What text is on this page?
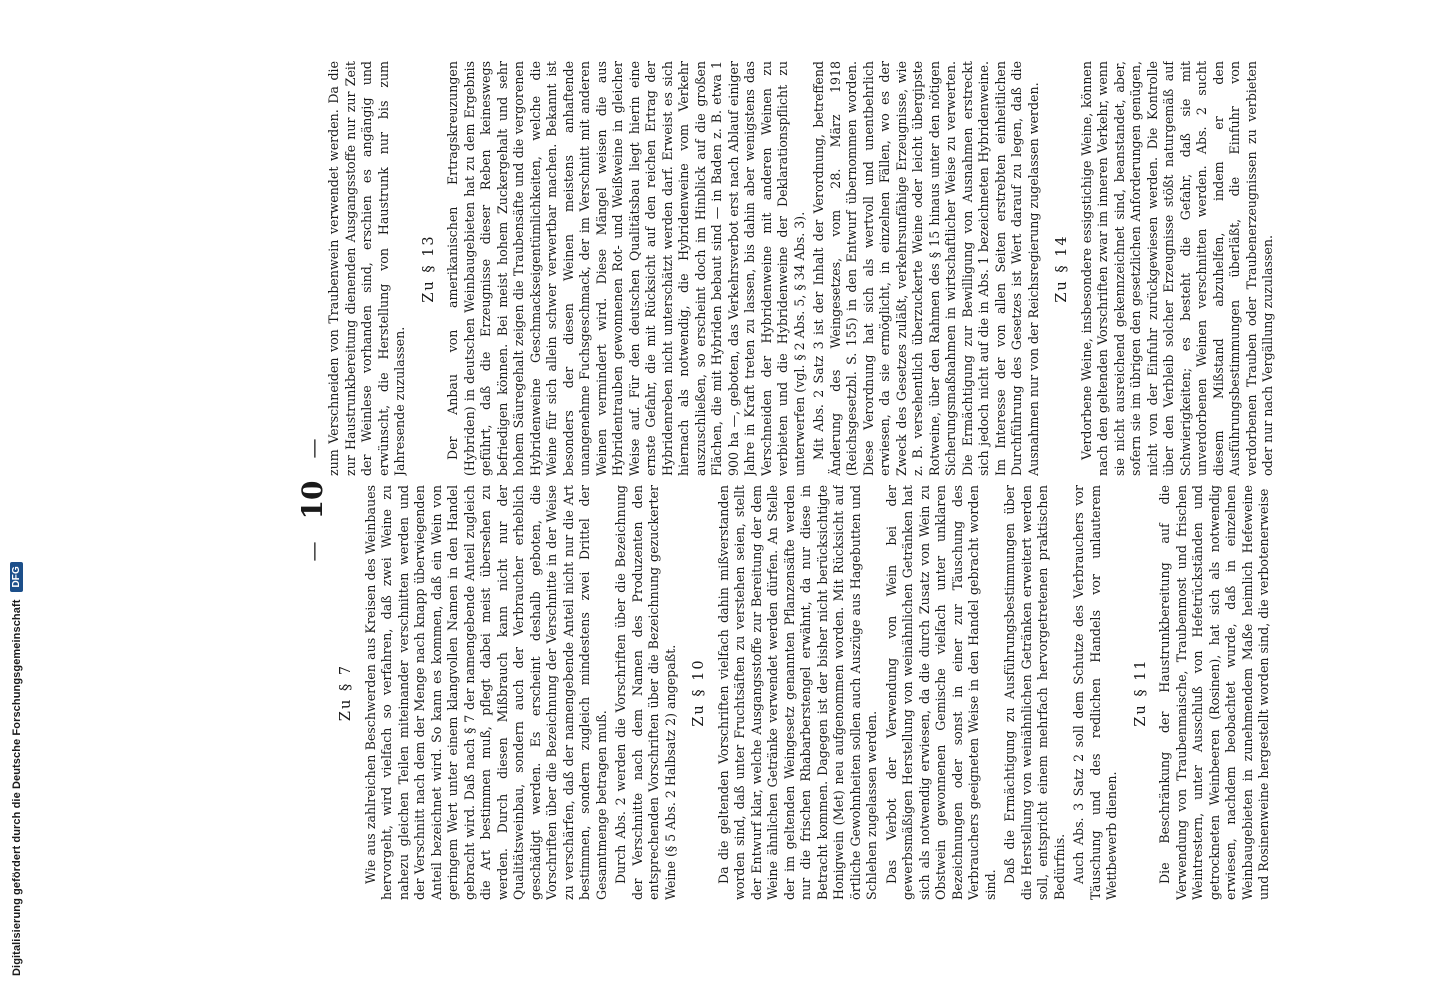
Digitalisierung gefördert durch die Deutsche Forschungsgemeinschaft
DFG
—
10
—
Zu § 7 Wie aus zahlreichen Beschwerden aus Kreisen des Weinbaues hervorgeht, wird vielfach so verfahren, daß zwei Weine zu nahezu gleichen Teilen miteinander verschnitten werden und der Verschnitt nach dem der Menge nach knapp überwiegenden Anteil bezeichnet wird. So kann es kommen, daß ein Wein von geringem Wert unter einem klangvollen Namen in den Handel gebracht wird. Daß nach § 7 der namengebende Anteil zugleich die Art bestimmen muß, pflegt dabei meist übersehen zu werden. Durch diesen Mißbrauch kann nicht nur der Qualitätsweinbau, sondern auch der Verbraucher erheblich geschädigt werden. Es erscheint deshalb geboten, die Vorschriften über die Bezeichnung der Verschnitte in der Weise zu verschärfen, daß der namengebende Anteil nicht nur die Art bestimmen, sondern zugleich mindestens zwei Drittel der Gesamtmenge betragen muß. Durch Abs. 2 werden die Vorschriften über die Bezeichnung der Verschnitte nach dem Namen des Produzenten den entsprechenden Vorschriften über die Bezeichnung gezuckerter Weine (§ 5 Abs. 2 Halbsatz 2) angepaßt. Zu § 10 Da die geltenden Vorschriften vielfach dahin mißverstanden worden sind, daß unter Fruchtsäften zu verstehen seien, stellt der Entwurf klar, welche Ausgangsstoffe zur Bereitung der dem Weine ähnlichen Getränke verwendet werden dürfen. An Stelle der im geltenden Weingesetz genannten Pflanzensäfte werden nur die frischen Rhabarberstengel erwähnt, da nur diese in Betracht kommen. Dagegen ist der bisher nicht berücksichtigte Honigwein (Met) neu aufgenommen worden. Mit Rücksicht auf örtliche Gewohnheiten sollen auch Auszüge aus Hagebutten und Schlehen zugelassen werden. Das Verbot der Verwendung von Wein bei der gewerbsmäßigen Herstellung von weinähnlichen Getränken hat sich als notwendig erwiesen, da die durch Zusatz von Wein zu Obstwein gewonnenen Gemische vielfach unter unklaren Bezeichnungen oder sonst in einer zur Täuschung des Verbrauchers geeigneten Weise in den Handel gebracht worden sind.

Daß die Ermächtigung zu Ausführungsbestimmungen über die Herstellung von weinähnlichen Getränken erweitert werden soll, entspricht einem mehrfach hervorgetretenen praktischen Bedürfnis. Auch Abs. 3 Satz 2 soll dem Schutze des Verbrauchers vor Täuschung und des redlichen Handels vor unlauterem Wettbewerb dienen.

Zu § 11 Die Beschränkung der Haustrunkbereitung auf die Verwendung von Traubenmaische, Traubenmost und frischen Weintrestern, unter Ausschluß von Hefetrückständen und getrockneten Weinbeeren (Rosinen), hat sich als notwendig erwiesen, nachdem beobachtet wurde, daß in einzelnen Weinbaugebieten in zunehmendem Maße heimlich Hefeweine und Rosinenweine hergestellt worden sind, die verbotenerweise

zum Verschneiden von Traubenwein verwendet werden. Da die zur Haustrunkbereitung dienenden Ausgangsstoffe nur zur Zeit der Weinlese vorhanden sind, erschien es angängig und erwünscht, die Herstellung von Haustrunk nur bis zum Jahresende zuzulassen.

Zu § 13 Der Anbau von amerikanischen Ertragskreuzungen (Hybriden) in deutschen Weinbaugebieten hat zu dem Ergebnis geführt, daß die Erzeugnisse dieser Reben keineswegs befriedigen können. Bei meist hohem Zuckergehalt und sehr hohem Säuregehalt zeigen die Traubensäfte und die vergorenen Hybridenweine Geschmackseigentümlichkeiten, welche die Weine für sich allein schwer verwertbar machen. Bekannt ist besonders der diesen Weinen meistens anhaftende unangenehme Fuchsgeschmack, der im Verschnitt mit anderen Weinen vermindert wird. Diese Mängel weisen die aus Hybridentrauben gewonnenen Rot- und Weißweine in gleicher Weise auf. Für den deutschen Qualitätsbau liegt hierin eine ernste Gefahr, die mit Rücksicht auf den reichen Ertrag der Hybridenreben nicht unterschätzt werden darf. Erweist es sich hiernach als notwendig, die Hybridenweine vom Verkehr auszuschließen, so erscheint doch im Hinblick auf die großen Flächen, die mit Hybriden bebaut sind — in Baden z. B. etwa 1 900 ha —, geboten, das Verkehrsverbot erst nach Ablauf einiger Jahre in Kraft treten zu lassen, bis dahin aber wenigstens das Verschneiden der Hybridenweine mit anderen Weinen zu verbieten und die Hybridenweine der Deklarationspflicht zu unterwerfen (vgl. § 2 Abs. 5, § 34 Abs. 3). Mit Abs. 2 Satz 3 ist der Inhalt der Verordnung, betreffend Änderung des Weingesetzes, vom 28. März 1918 (Reichsgesetzbl. S. 155) in den Entwurf übernommen worden. Diese Verordnung hat sich als wertvoll und unentbehrlich erwiesen, da sie ermöglicht, in einzelnen Fällen, wo es der Zweck des Gesetzes zuläßt, verkehrsunfähige Erzeugnisse, wie z. B. versehentlich überzuckerte Weine oder leicht übergipste Rotweine, über den Rahmen des § 15 hinaus unter den nötigen Sicherungsmaßnahmen in wirtschaftlicher Weise zu verwerten. Die Ermächtigung zur Bewilligung von Ausnahmen erstreckt sich jedoch nicht auf die in Abs. 1 bezeichneten Hybridenweine. Im Interesse der von allen Seiten erstrebten einheitlichen Durchführung des Gesetzes ist Wert darauf zu legen, daß die Ausnahmen nur von der Reichsregierung zugelassen werden. Zu § 14 Verdorbene Weine, insbesondere essigstichige Weine, können nach den geltenden Vorschriften zwar im inneren Verkehr, wenn sie nicht ausreichend gekennzeichnet sind, beanstandet, aber, sofern sie im übrigen den gesetzlichen Anforderungen genügen, nicht von der Einfuhr zurückgewiesen werden. Die Kontrolle über den Verbleib solcher Erzeugnisse stößt naturgemäß auf Schwierigkeiten; es besteht die Gefahr, daß sie mit unverdorbenen Weinen verschnitten werden. Abs. 2 sucht diesem Mißstand abzuhelfen, indem er den Ausführungsbestimmungen überläßt, die Einfuhr von verdorbenen Trauben oder Traubenerzeugnissen zu verbieten oder nur nach Vergällung zuzulassen.
